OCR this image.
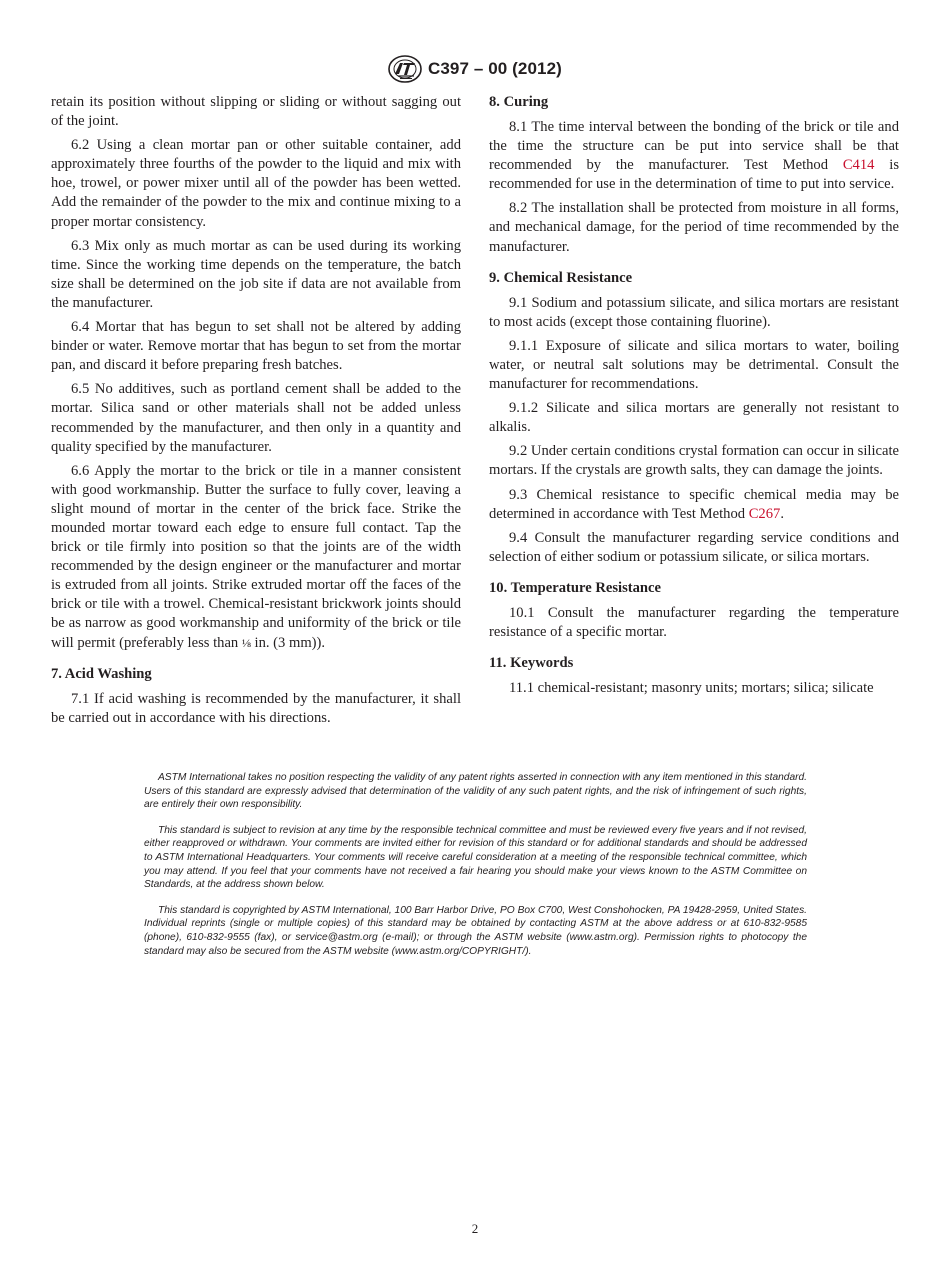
C397 – 00 (2012)

retain its position without slipping or sliding or without sagging out of the joint.

6.2 Using a clean mortar pan or other suitable container, add approximately three fourths of the powder to the liquid and mix with hoe, trowel, or power mixer until all of the powder has been wetted. Add the remainder of the powder to the mix and continue mixing to a proper mortar consistency.

6.3 Mix only as much mortar as can be used during its working time. Since the working time depends on the temperature, the batch size shall be determined on the job site if data are not available from the manufacturer.

6.4 Mortar that has begun to set shall not be altered by adding binder or water. Remove mortar that has begun to set from the mortar pan, and discard it before preparing fresh batches.

6.5 No additives, such as portland cement shall be added to the mortar. Silica sand or other materials shall not be added unless recommended by the manufacturer, and then only in a quantity and quality specified by the manufacturer.

6.6 Apply the mortar to the brick or tile in a manner consistent with good workmanship. Butter the surface to fully cover, leaving a slight mound of mortar in the center of the brick face. Strike the mounded mortar toward each edge to ensure full contact. Tap the brick or tile firmly into position so that the joints are of the width recommended by the design engineer or the manufacturer and mortar is extruded from all joints. Strike extruded mortar off the faces of the brick or tile with a trowel. Chemical-resistant brickwork joints should be as narrow as good workmanship and uniformity of the brick or tile will permit (preferably less than ⅛ in. (3 mm)).

7. Acid Washing

7.1 If acid washing is recommended by the manufacturer, it shall be carried out in accordance with his directions.

8. Curing

8.1 The time interval between the bonding of the brick or tile and the time the structure can be put into service shall be that recommended by the manufacturer. Test Method C414 is recommended for use in the determination of time to put into service.

8.2 The installation shall be protected from moisture in all forms, and mechanical damage, for the period of time recommended by the manufacturer.

9. Chemical Resistance

9.1 Sodium and potassium silicate, and silica mortars are resistant to most acids (except those containing fluorine).

9.1.1 Exposure of silicate and silica mortars to water, boiling water, or neutral salt solutions may be detrimental. Consult the manufacturer for recommendations.

9.1.2 Silicate and silica mortars are generally not resistant to alkalis.

9.2 Under certain conditions crystal formation can occur in silicate mortars. If the crystals are growth salts, they can damage the joints.

9.3 Chemical resistance to specific chemical media may be determined in accordance with Test Method C267.

9.4 Consult the manufacturer regarding service conditions and selection of either sodium or potassium silicate, or silica mortars.

10. Temperature Resistance

10.1 Consult the manufacturer regarding the temperature resistance of a specific mortar.

11. Keywords

11.1 chemical-resistant; masonry units; mortars; silica; silicate

ASTM International takes no position respecting the validity of any patent rights asserted in connection with any item mentioned in this standard. Users of this standard are expressly advised that determination of the validity of any such patent rights, and the risk of infringement of such rights, are entirely their own responsibility.

This standard is subject to revision at any time by the responsible technical committee and must be reviewed every five years and if not revised, either reapproved or withdrawn. Your comments are invited either for revision of this standard or for additional standards and should be addressed to ASTM International Headquarters. Your comments will receive careful consideration at a meeting of the responsible technical committee, which you may attend. If you feel that your comments have not received a fair hearing you should make your views known to the ASTM Committee on Standards, at the address shown below.

This standard is copyrighted by ASTM International, 100 Barr Harbor Drive, PO Box C700, West Conshohocken, PA 19428-2959, United States. Individual reprints (single or multiple copies) of this standard may be obtained by contacting ASTM at the above address or at 610-832-9585 (phone), 610-832-9555 (fax), or service@astm.org (e-mail); or through the ASTM website (www.astm.org). Permission rights to photocopy the standard may also be secured from the ASTM website (www.astm.org/COPYRIGHT/).

2
